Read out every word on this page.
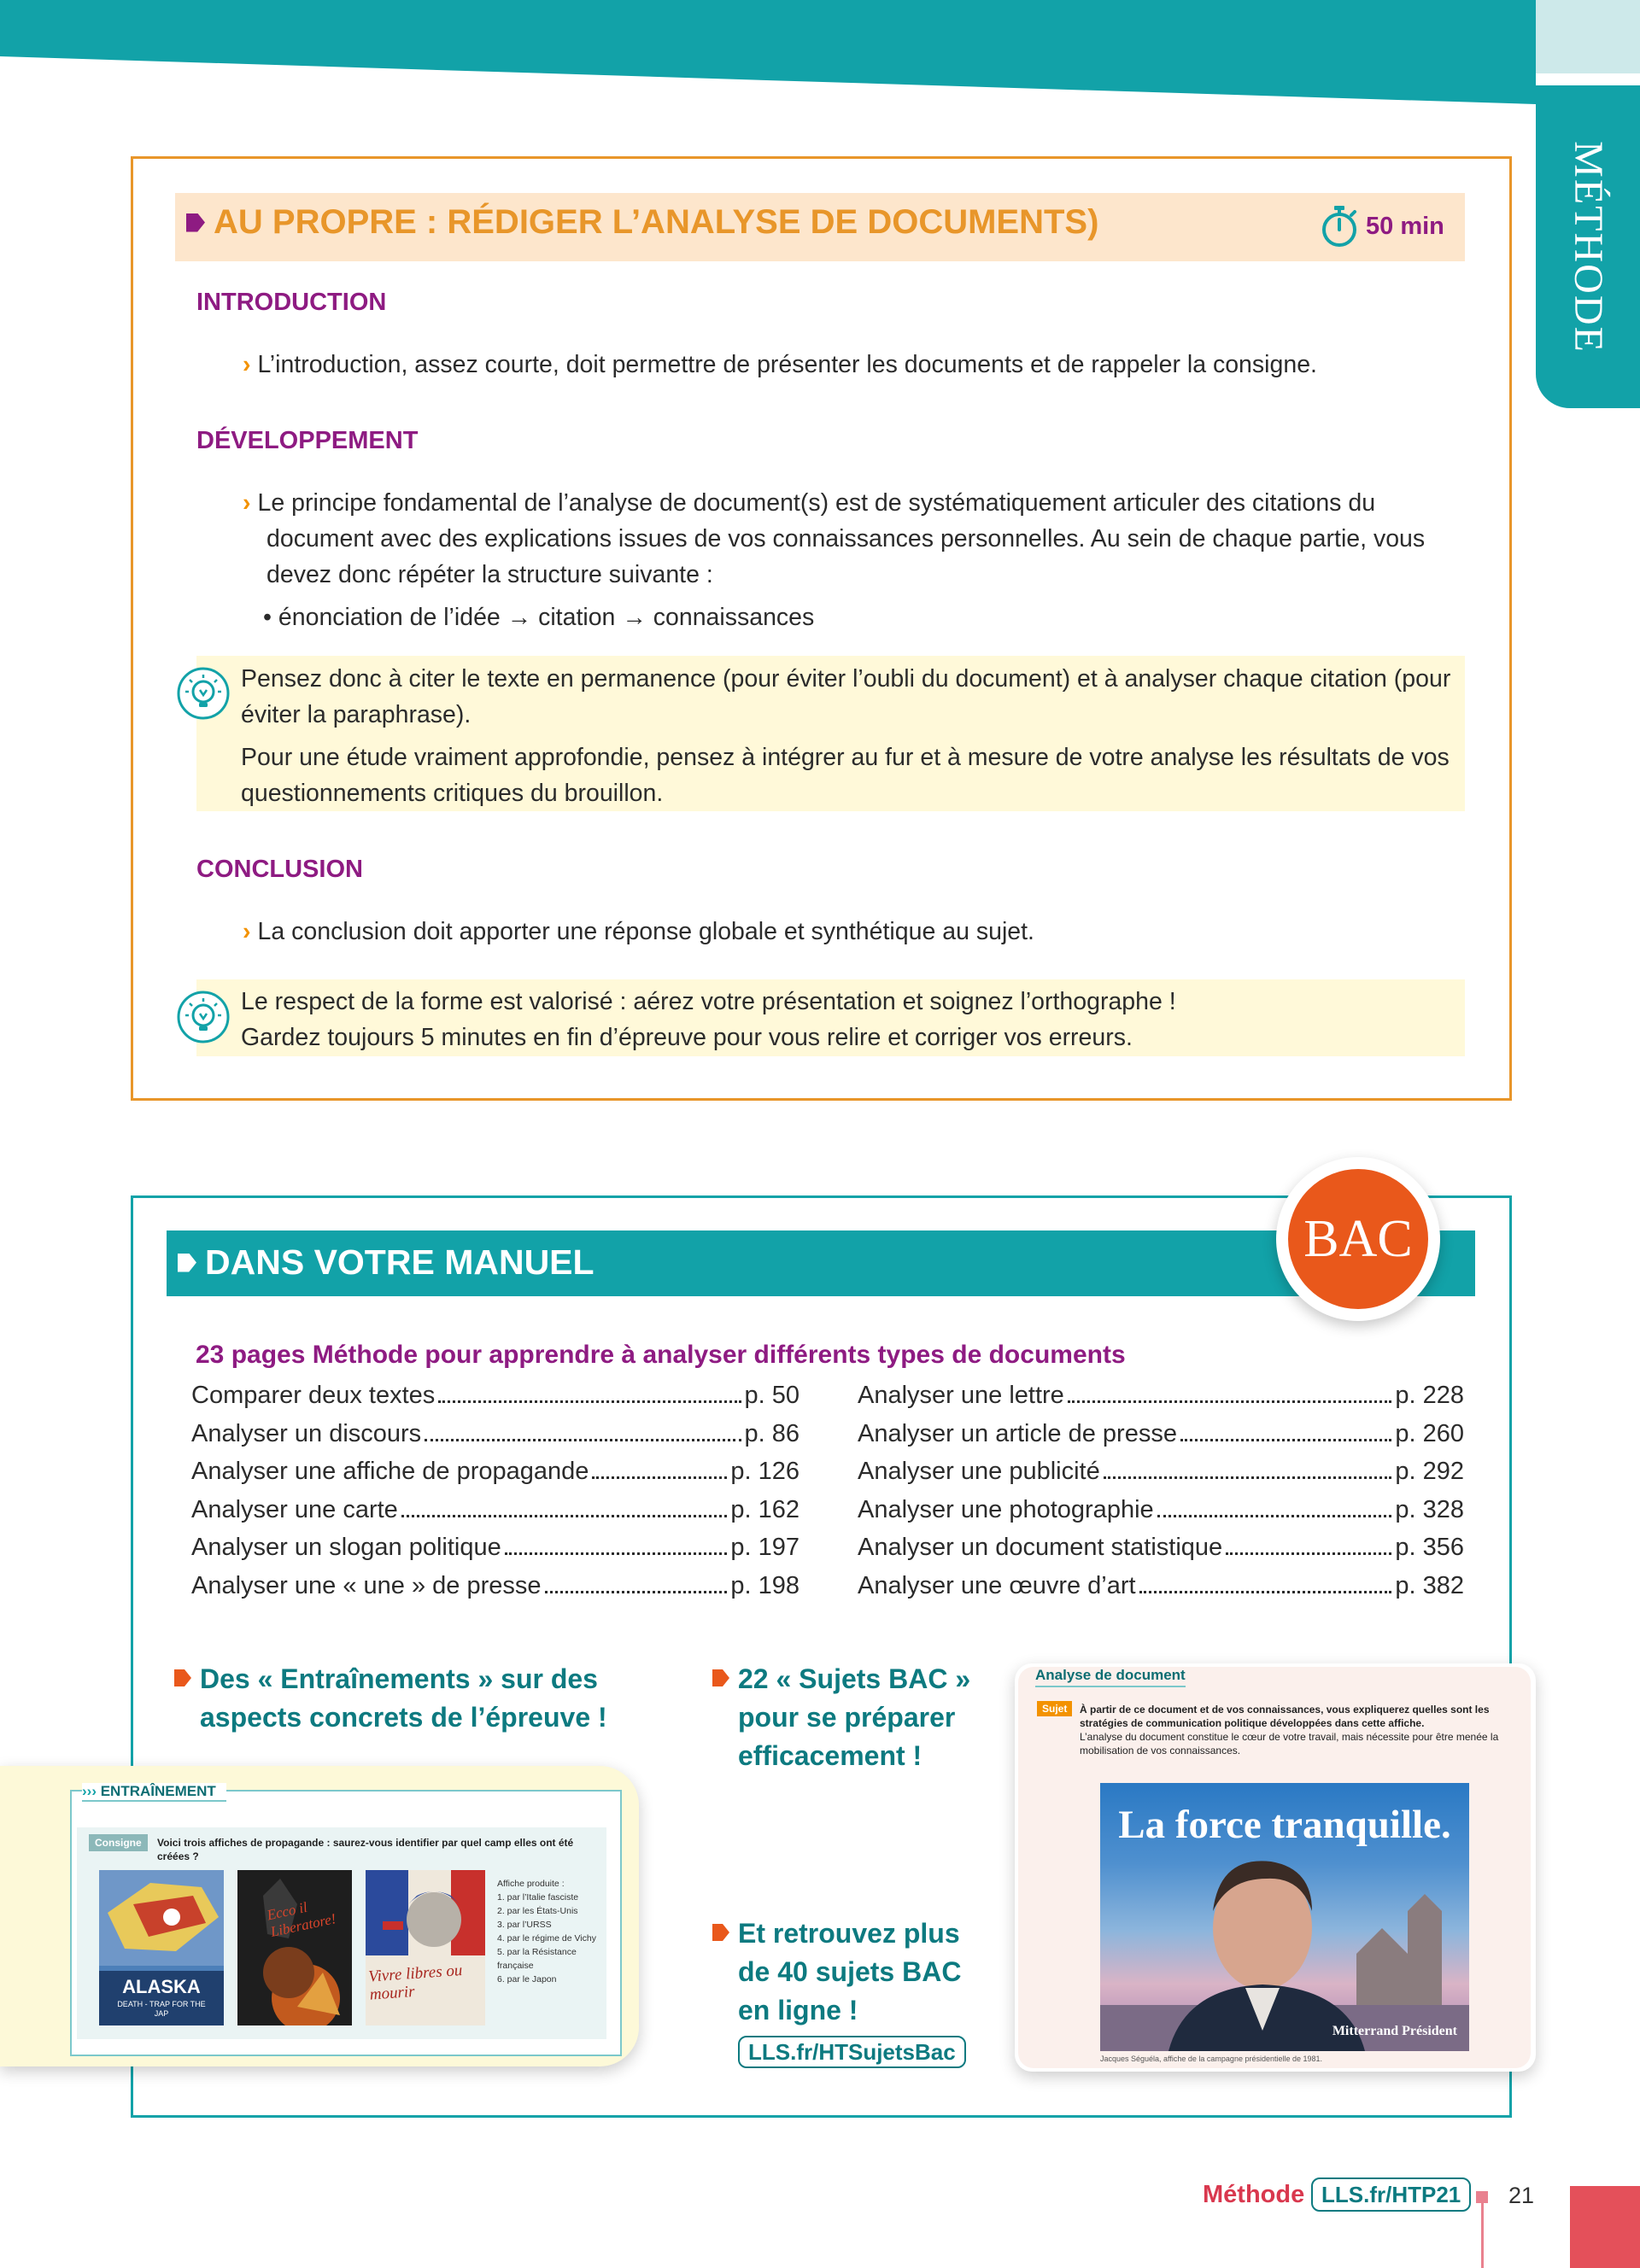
MÉTHODE
AU PROPRE : RÉDIGER L’ANALYSE DE DOCUMENTS)	50 min
INTRODUCTION
› L’introduction, assez courte, doit permettre de présenter les documents et de rappeler la consigne.
DÉVELOPPEMENT
› Le principe fondamental de l’analyse de document(s) est de systématiquement articuler des citations du document avec des explications issues de vos connaissances personnelles. Au sein de chaque partie, vous devez donc répéter la structure suivante :
• énonciation de l’idée → citation → connaissances
Pensez donc à citer le texte en permanence (pour éviter l’oubli du document) et à analyser chaque citation (pour éviter la paraphrase).
Pour une étude vraiment approfondie, pensez à intégrer au fur et à mesure de votre analyse les résultats de vos questionnements critiques du brouillon.
CONCLUSION
› La conclusion doit apporter une réponse globale et synthétique au sujet.
Le respect de la forme est valorisé : aérez votre présentation et soignez l’orthographe !
Gardez toujours 5 minutes en fin d’épreuve pour vous relire et corriger vos erreurs.
DANS VOTRE MANUEL	BAC
23 pages Méthode pour apprendre à analyser différents types de documents
Comparer deux textes	p. 50
Analyser un discours	p. 86
Analyser une affiche de propagande	p. 126
Analyser une carte	p. 162
Analyser un slogan politique	p. 197
Analyser une « une » de presse	p. 198
Analyser une lettre	p. 228
Analyser un article de presse	p. 260
Analyser une publicité	p. 292
Analyser une photographie	p. 328
Analyser un document statistique	p. 356
Analyser une œuvre d’art	p. 382
Des « Entraînements » sur des
aspects concrets de l’épreuve !
22 « Sujets BAC »
pour se préparer
efficacement !
Et retrouvez plus
de 40 sujets BAC
en ligne !
LLS.fr/HTSujetsBac
››› ENTRAÎNEMENT
Consigne	Voici trois affiches de propagande : saurez-vous identifier par quel camp elles ont été créées ?
ALASKA
DEATH - TRAP FOR THE JAP
Ecco il Liberatore!
Vivre libres ou mourir
Affiche produite :
1. par l’Italie fasciste
2. par les États-Unis
3. par l’URSS
4. par le régime de Vichy
5. par la Résistance française
6. par le Japon
Analyse de document
Sujet	À partir de ce document et de vos connaissances, vous expliquerez quelles sont les stratégies de communication politique développées dans cette affiche.
L’analyse du document constitue le cœur de votre travail, mais nécessite pour être menée la mobilisation de vos connaissances.
La force tranquille.
Mitterrand Président
Jacques Séguéla, affiche de la campagne présidentielle de 1981.
Méthode LLS.fr/HTP21	21
